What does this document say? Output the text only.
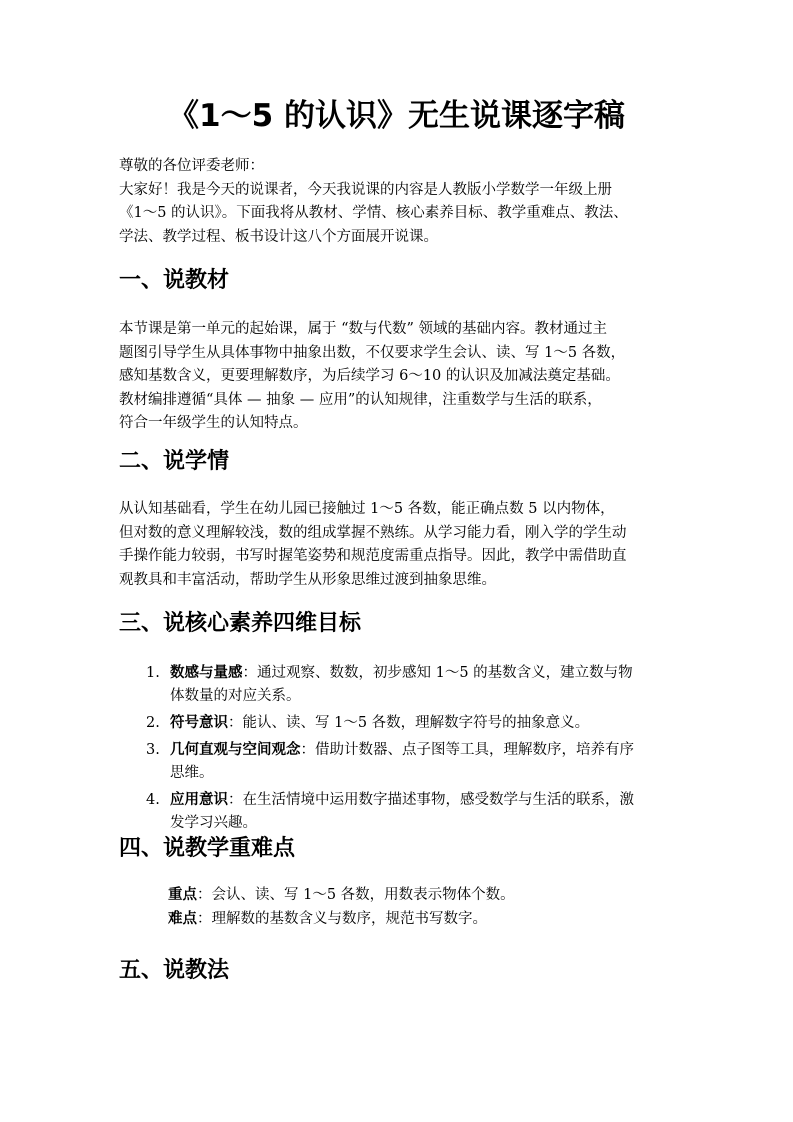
《1～5 的认识》无生说课逐字稿

尊敬的各位评委老师：
大家好！我是今天的说课者，今天我说课的内容是人教版小学数学一年级上册
《1～5 的认识》。下面我将从教材、学情、核心素养目标、教学重难点、教法、
学法、教学过程、板书设计这八个方面展开说课。

一、说教材

本节课是第一单元的起始课，属于 “数与代数” 领域的基础内容。教材通过主
题图引导学生从具体事物中抽象出数，不仅要求学生会认、读、写 1～5 各数，
感知基数含义，更要理解数序，为后续学习 6～10 的认识及加减法奠定基础。
教材编排遵循“具体 — 抽象 — 应用”的认知规律，注重数学与生活的联系，
符合一年级学生的认知特点。

二、说学情

从认知基础看，学生在幼儿园已接触过 1～5 各数，能正确点数 5 以内物体，
但对数的意义理解较浅，数的组成掌握不熟练。从学习能力看，刚入学的学生动
手操作能力较弱，书写时握笔姿势和规范度需重点指导。因此，教学中需借助直
观教具和丰富活动，帮助学生从形象思维过渡到抽象思维。

三、说核心素养四维目标
1. 数感与量感：通过观察、数数，初步感知 1～5 的基数含义，建立数与物
体数量的对应关系。
2. 符号意识：能认、读、写 1～5 各数，理解数字符号的抽象意义。
3. 几何直观与空间观念：借助计数器、点子图等工具，理解数序，培养有序
思维。
4. 应用意识：在生活情境中运用数字描述事物，感受数学与生活的联系，激
发学习兴趣。
四、说教学重难点

重点：会认、读、写 1～5 各数，用数表示物体个数。

难点：理解数的基数含义与数序，规范书写数字。

五、说教法
